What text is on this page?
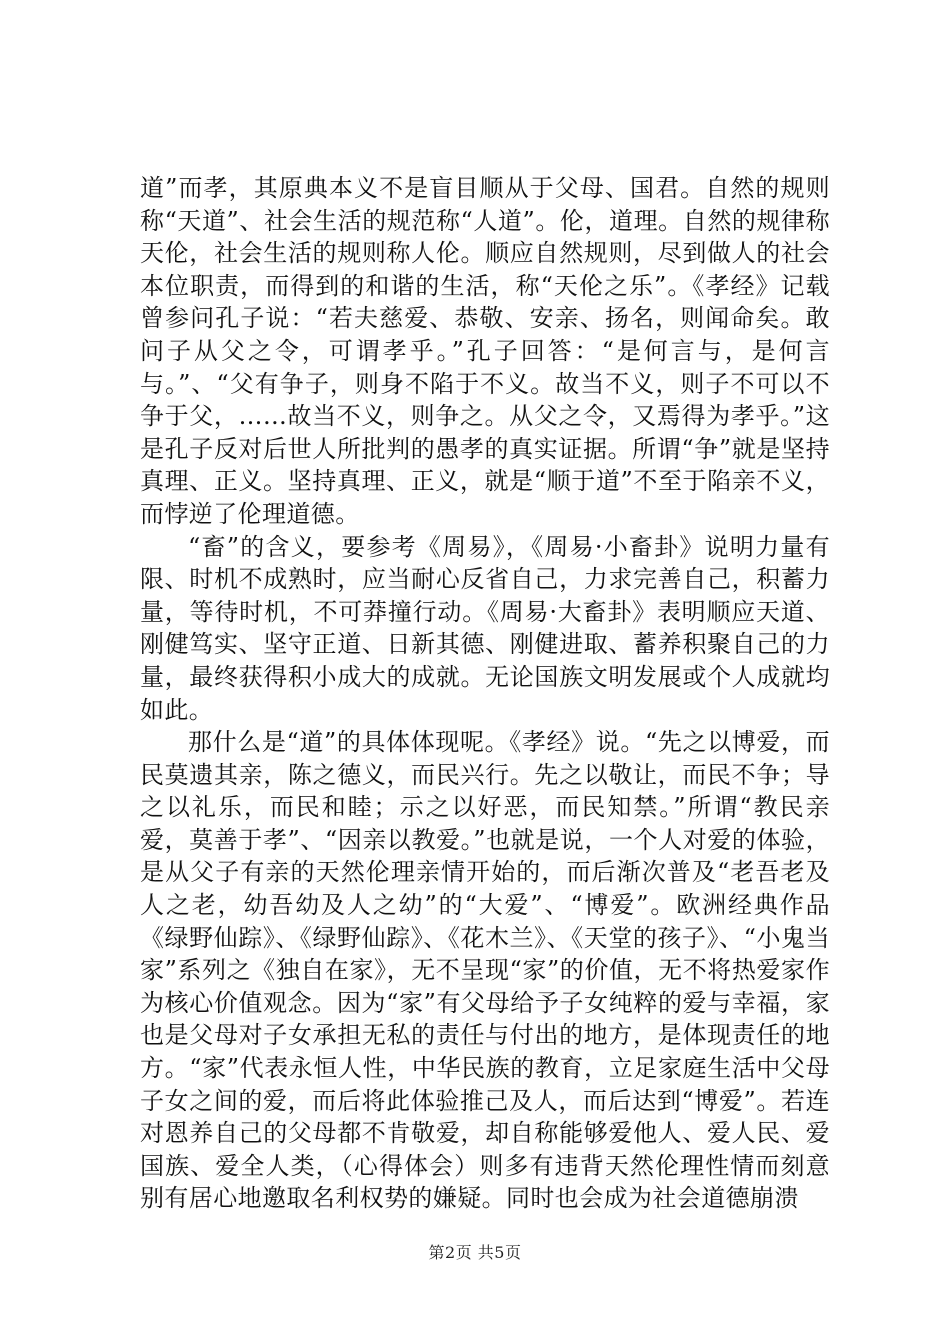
道”而孝，其原典本义不是盲目顺从于父母、国君。自然的规则称“天道”、社会生活的规范称“人道”。伦，道理。自然的规律称天伦，社会生活的规则称人伦。顺应自然规则，尽到做人的社会本位职责，而得到的和谐的生活，称“天伦之乐”。《孝经》记载曾参问孔子说：“若夫慈爱、恭敬、安亲、扬名，则闻命矣。敢问子从父之令，可谓孝乎。”孔子回答：“是何言与，是何言与。”、“父有争子，则身不陷于不义。故当不义，则子不可以不争于父，……故当不义，则争之。从父之令，又焉得为孝乎。”这是孔子反对后世人所批判的愚孝的真实证据。所谓“争”就是坚持真理、正义。坚持真理、正义，就是“顺于道”不至于陷亲不义，而悖逆了伦理道德。

“畜”的含义，要参考《周易》，《周易·小畜卦》说明力量有限、时机不成熟时，应当耐心反省自己，力求完善自己，积蓄力量，等待时机，不可莽撞行动。《周易·大畜卦》表明顺应天道、刚健笃实、坚守正道、日新其德、刚健进取、蓄养积聚自己的力量，最终获得积小成大的成就。无论国族文明发展或个人成就均如此。

那什么是“道”的具体体现呢。《孝经》说。“先之以博爱，而民莫遗其亲，陈之德义，而民兴行。先之以敬让，而民不争；导之以礼乐，而民和睦；示之以好恶，而民知禁。”所谓“教民亲爱，莫善于孝”、“因亲以教爱。”也就是说，一个人对爱的体验，是从父子有亲的天然伦理亲情开始的，而后渐次普及“老吾老及人之老，幼吾幼及人之幼”的“大爱”、“博爱”。欧洲经典作品《绿野仙踪》、《绿野仙踪》、《花木兰》、《天堂的孩子》、“小鬼当家”系列之《独自在家》，无不呈现“家”的价值，无不将热爱家作为核心价值观念。因为“家”有父母给予子女纯粹的爱与幸福，家也是父母对子女承担无私的责任与付出的地方，是体现责任的地方。“家”代表永恒人性，中华民族的教育，立足家庭生活中父母子女之间的爱，而后将此体验推己及人，而后达到“博爱”。若连对恩养自己的父母都不肯敬爱，却自称能够爱他人、爱人民、爱国族、爱全人类，（心得体会）则多有违背天然伦理性情而刻意别有居心地邀取名利权势的嫌疑。同时也会成为社会道德崩溃

第2页 共5页
